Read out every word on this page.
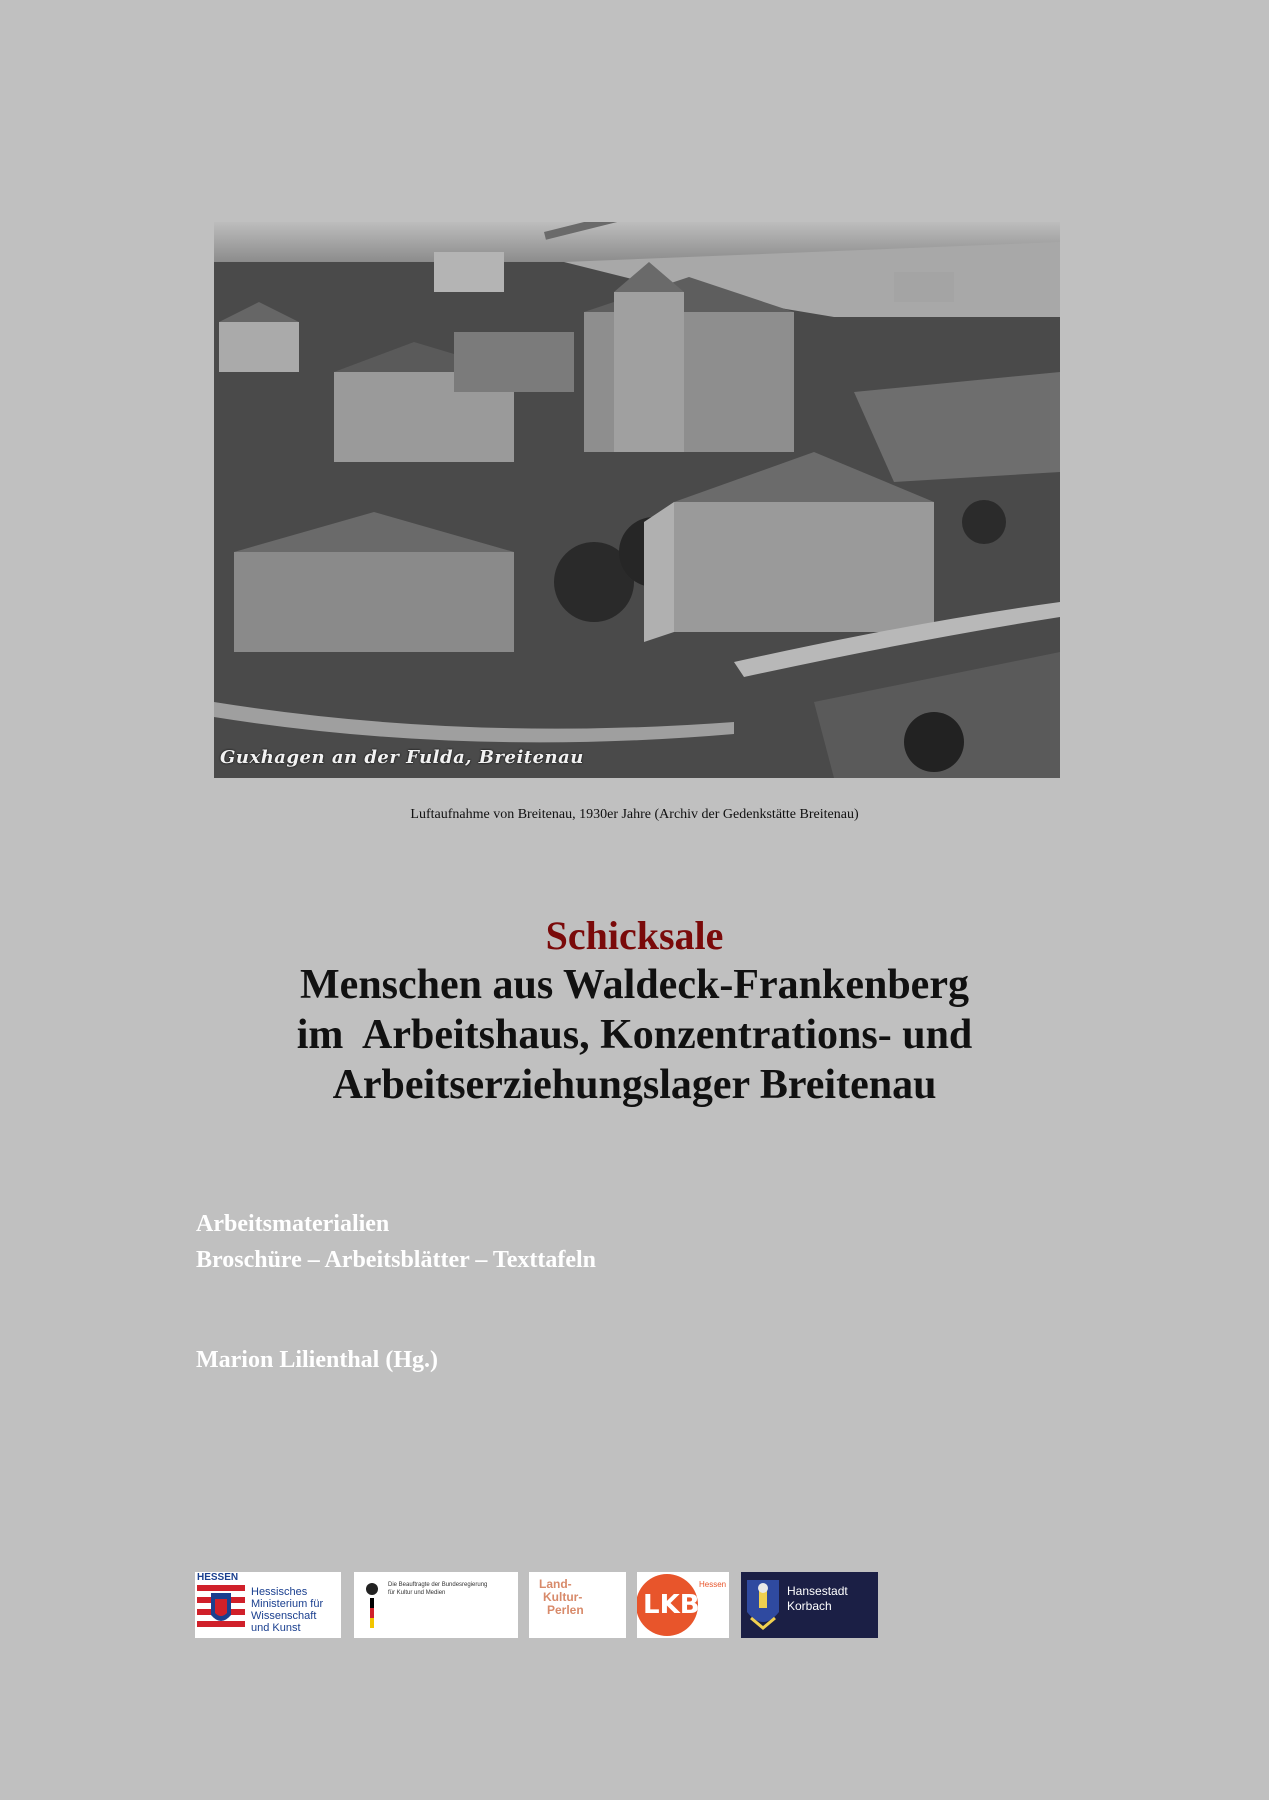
Guxhagen an der Fulda, Breitenau
Luftaufnahme von Breitenau, 1930er Jahre (Archiv der Gedenkstätte Breitenau)
Schicksale
Menschen aus Waldeck-Frankenberg
im  Arbeitshaus, Konzentrations- und
Arbeitserziehungslager Breitenau
Arbeitsmaterialien
Broschüre – Arbeitsblätter – Texttafeln
Marion Lilienthal (Hg.)
HESSEN
Hessisches
Ministerium für
Wissenschaft
und Kunst
Die Beauftragte der Bundesregierung
für Kultur und Medien
Land-
Kultur-
Perlen LKB
Hessen	Hansestadt
Korbach
